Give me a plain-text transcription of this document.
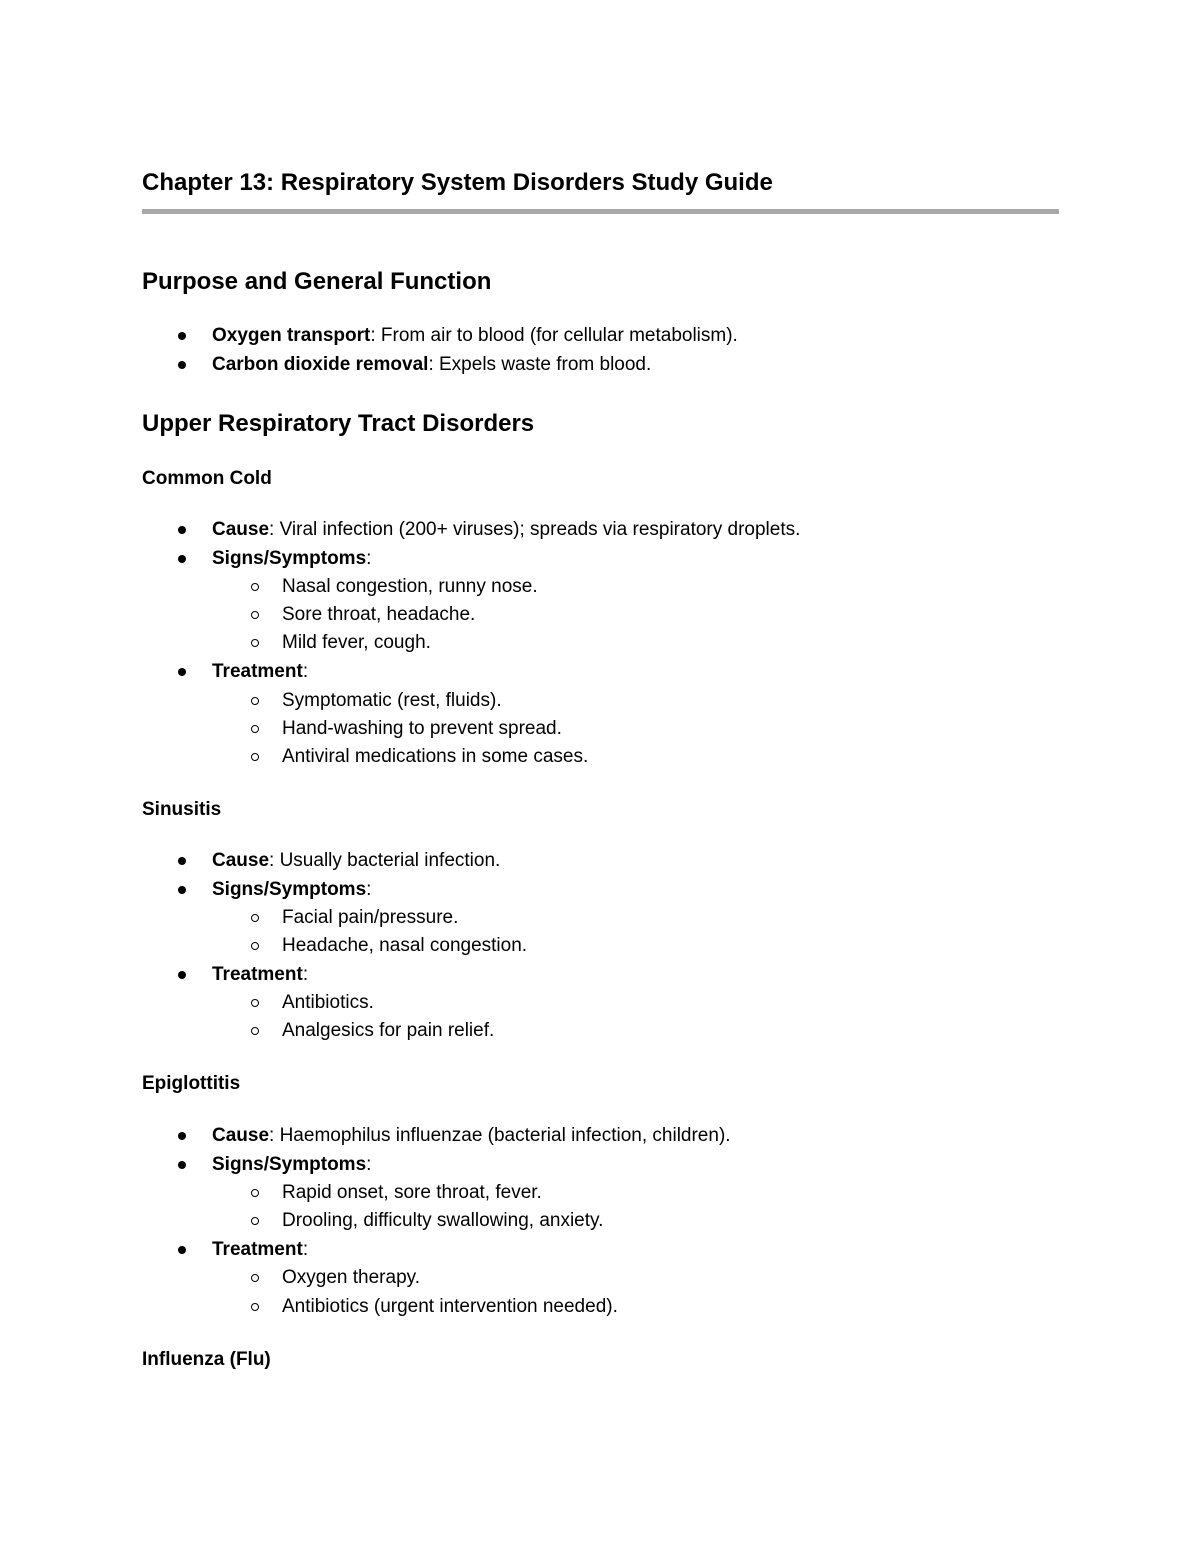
Chapter 13: Respiratory System Disorders Study Guide
Purpose and General Function
Oxygen transport: From air to blood (for cellular metabolism).
Carbon dioxide removal: Expels waste from blood.
Upper Respiratory Tract Disorders
Common Cold
Cause: Viral infection (200+ viruses); spreads via respiratory droplets.
Signs/Symptoms:
Nasal congestion, runny nose.
Sore throat, headache.
Mild fever, cough.
Treatment:
Symptomatic (rest, fluids).
Hand-washing to prevent spread.
Antiviral medications in some cases.
Sinusitis
Cause: Usually bacterial infection.
Signs/Symptoms:
Facial pain/pressure.
Headache, nasal congestion.
Treatment:
Antibiotics.
Analgesics for pain relief.
Epiglottitis
Cause: Haemophilus influenzae (bacterial infection, children).
Signs/Symptoms:
Rapid onset, sore throat, fever.
Drooling, difficulty swallowing, anxiety.
Treatment:
Oxygen therapy.
Antibiotics (urgent intervention needed).
Influenza (Flu)
